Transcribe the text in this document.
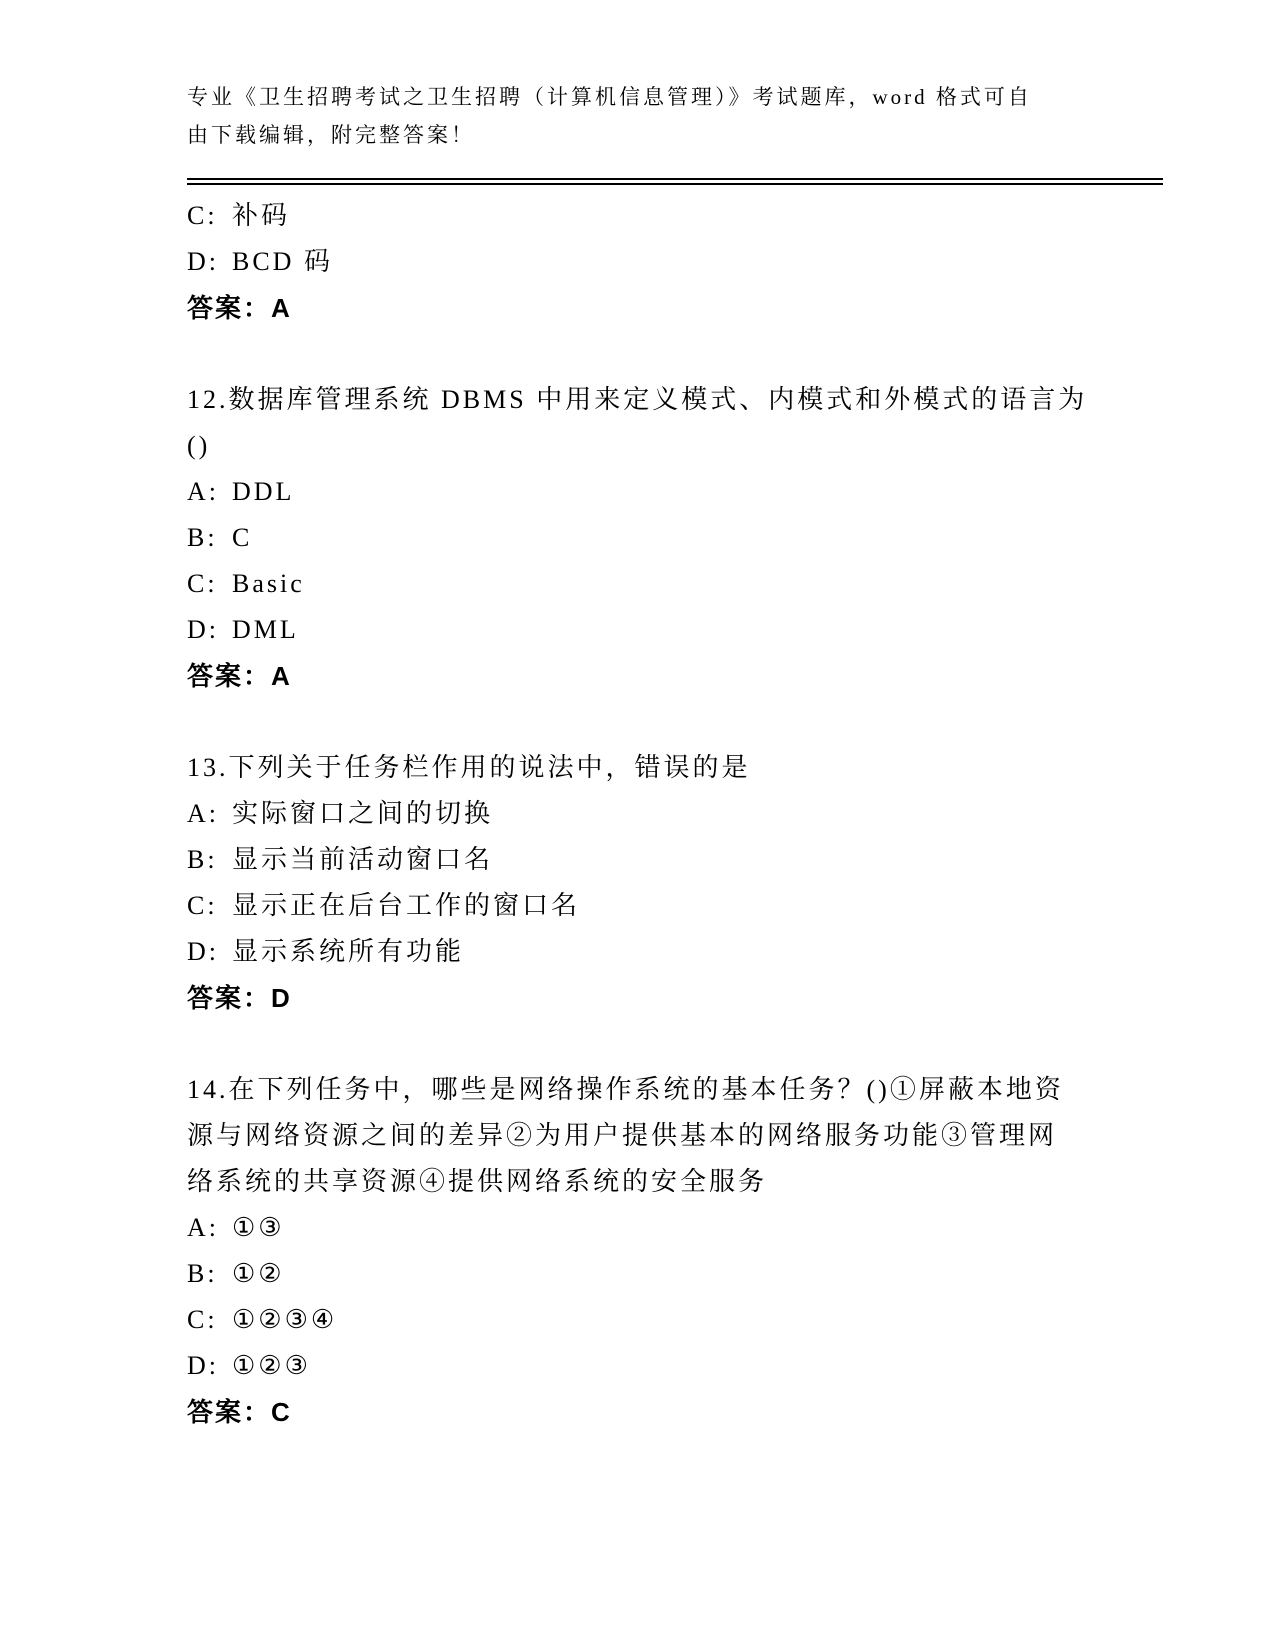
专业《卫生招聘考试之卫生招聘（计算机信息管理）》考试题库，word 格式可自
由下载编辑，附完整答案！

C: 补码

D: BCD 码

答案：A

12.数据库管理系统 DBMS 中用来定义模式、内模式和外模式的语言为

()

A: DDL

B: C

C: Basic

D: DML

答案：A

13.下列关于任务栏作用的说法中，错误的是

A: 实际窗口之间的切换

B: 显示当前活动窗口名

C: 显示正在后台工作的窗口名

D: 显示系统所有功能

答案：D

14.在下列任务中，哪些是网络操作系统的基本任务？()①屏蔽本地资

源与网络资源之间的差异②为用户提供基本的网络服务功能③管理网

络系统的共享资源④提供网络系统的安全服务

A: ①③

B: ①②

C: ①②③④

D: ①②③

答案：C
